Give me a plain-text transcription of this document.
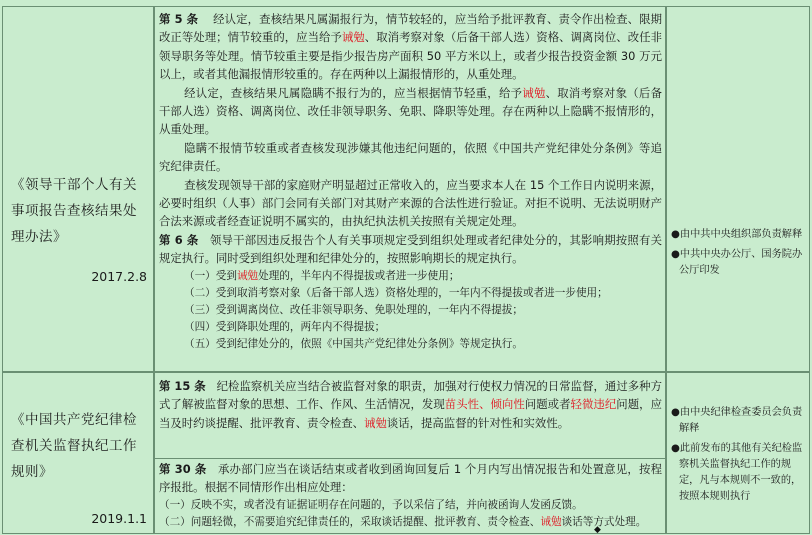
《领导干部个人有关事项报告查核结果处理办法》
2017.2.8

第 5 条 经认定，查核结果凡属漏报行为，情节较轻的，应当给予批评教育、责令作出检查、限期改正等处理；情节较重的，应当给予诫勉、取消考察对象（后备干部人选）资格、调离岗位、改任非领导职务等处理。情节较重主要是指少报告房产面积 50 平方米以上，或者少报告投资金额 30 万元以上，或者其他漏报情形较重的。存在两种以上漏报情形的，从重处理。

经认定，查核结果凡属隐瞒不报行为的，应当根据情节轻重，给予诫勉、取消考察对象（后备干部人选）资格、调离岗位、改任非领导职务、免职、降职等处理。存在两种以上隐瞒不报情形的，从重处理。

隐瞒不报情节较重或者查核发现涉嫌其他违纪问题的，依照《中国共产党纪律处分条例》等追究纪律责任。

查核发现领导干部的家庭财产明显超过正常收入的，应当要求本人在 15 个工作日内说明来源，必要时组织（人事）部门会同有关部门对其财产来源的合法性进行验证。对拒不说明、无法说明财产合法来源或者经查证说明不属实的，由执纪执法机关按照有关规定处理。

第 6 条 领导干部因违反报告个人有关事项规定受到组织处理或者纪律处分的，其影响期按照有关规定执行。同时受到组织处理和纪律处分的，按照影响期长的规定执行。

（一）受到诫勉处理的，半年内不得提拔或者进一步使用；

（二）受到取消考察对象（后备干部人选）资格处理的，一年内不得提拔或者进一步使用；

（三）受到调离岗位、改任非领导职务、免职处理的，一年内不得提拔；

（四）受到降职处理的，两年内不得提拔；

（五）受到纪律处分的，依照《中国共产党纪律处分条例》等规定执行。

●由中共中央组织部负责解释

●中共中央办公厅、国务院办公厅印发

《中国共产党纪律检查机关监督执纪工作规则》
2019.1.1

第 15 条 纪检监察机关应当结合被监督对象的职责，加强对行使权力情况的日常监督，通过多种方式了解被监督对象的思想、工作、作风、生活情况，发现苗头性、倾向性问题或者轻微违纪问题，应当及时约谈提醒、批评教育、责令检查、诫勉谈话，提高监督的针对性和实效性。

第 30 条 承办部门应当在谈话结束或者收到函询回复后 1 个月内写出情况报告和处置意见，按程序报批。根据不同情形作出相应处理：

（一）反映不实，或者没有证据证明存在问题的，予以采信了结，并向被函询人发函反馈。

（二）问题轻微，不需要追究纪律责任的，采取谈话提醒、批评教育、责令检查、诫勉谈话等方式处理。

●由中央纪律检查委员会负责解释

●此前发布的其他有关纪检监察机关监督执纪工作的规定，凡与本规则不一致的，按照本规则执行

◆
